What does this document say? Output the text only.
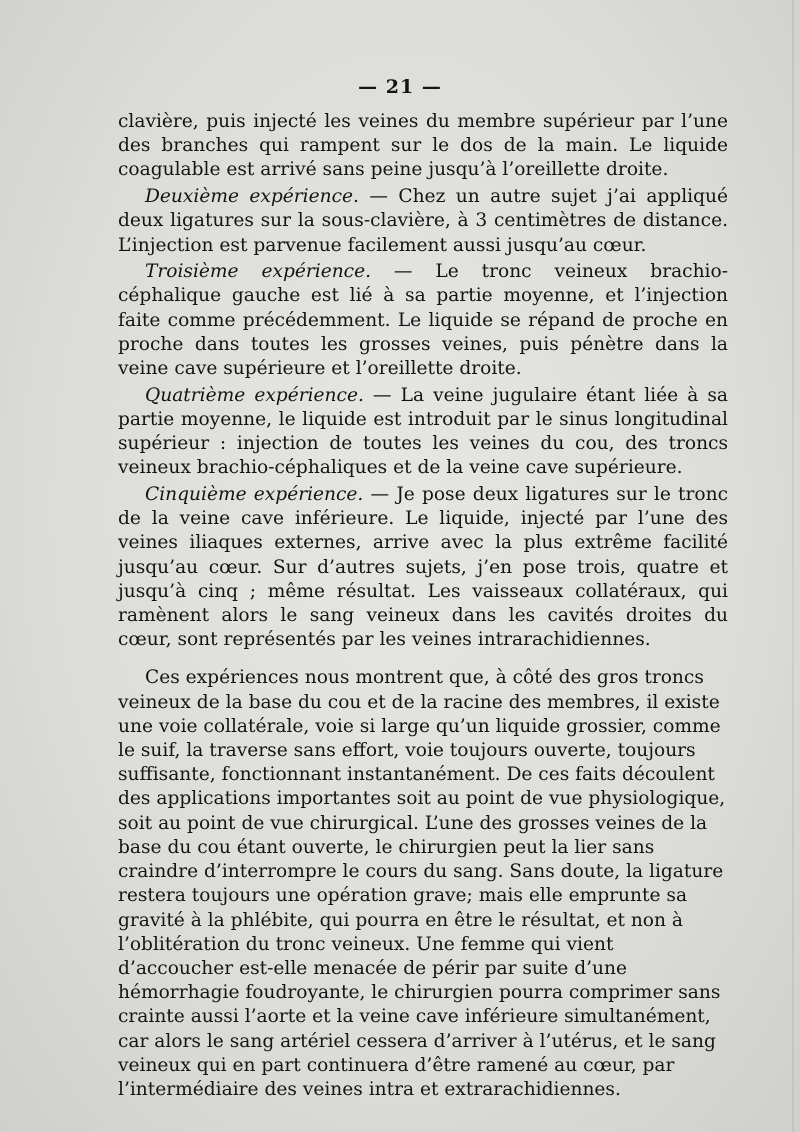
— 21 —

clavière, puis injecté les veines du membre supérieur par l’une des branches qui rampent sur le dos de la main. Le liquide coagulable est arrivé sans peine jusqu’à l’oreillette droite.

Deuxième expérience. — Chez un autre sujet j’ai appliqué deux ligatures sur la sous-clavière, à 3 centimètres de distance. L’injection est parvenue facilement aussi jusqu’au cœur.

Troisième expérience. — Le tronc veineux brachio-céphalique gauche est lié à sa partie moyenne, et l’injection faite comme précédemment. Le liquide se répand de proche en proche dans toutes les grosses veines, puis pénètre dans la veine cave supérieure et l’oreillette droite.

Quatrième expérience. — La veine jugulaire étant liée à sa partie moyenne, le liquide est introduit par le sinus longitudinal supérieur : injection de toutes les veines du cou, des troncs veineux brachio-céphaliques et de la veine cave supérieure.

Cinquième expérience. — Je pose deux ligatures sur le tronc de la veine cave inférieure. Le liquide, injecté par l’une des veines iliaques externes, arrive avec la plus extrême facilité jusqu’au cœur. Sur d’autres sujets, j’en pose trois, quatre et jusqu’à cinq ; même résultat. Les vaisseaux collatéraux, qui ramènent alors le sang veineux dans les cavités droites du cœur, sont représentés par les veines intrarachidiennes.

Ces expériences nous montrent que, à côté des gros troncs veineux de la base du cou et de la racine des membres, il existe une voie collatérale, voie si large qu’un liquide grossier, comme le suif, la traverse sans effort, voie toujours ouverte, toujours suffisante, fonctionnant instantanément. De ces faits découlent des applications importantes soit au point de vue physiologique, soit au point de vue chirurgical. L’une des grosses veines de la base du cou étant ouverte, le chirurgien peut la lier sans craindre d’interrompre le cours du sang. Sans doute, la ligature restera toujours une opération grave; mais elle emprunte sa gravité à la phlébite, qui pourra en être le résultat, et non à l’oblitération du tronc veineux. Une femme qui vient d’accoucher est-elle menacée de périr par suite d’une hémorrhagie foudroyante, le chirurgien pourra comprimer sans crainte aussi l’aorte et la veine cave inférieure simultanément, car alors le sang artériel cessera d’arriver à l’utérus, et le sang veineux qui en part continuera d’être ramené au cœur, par l’intermédiaire des veines intra et extrarachidiennes.
